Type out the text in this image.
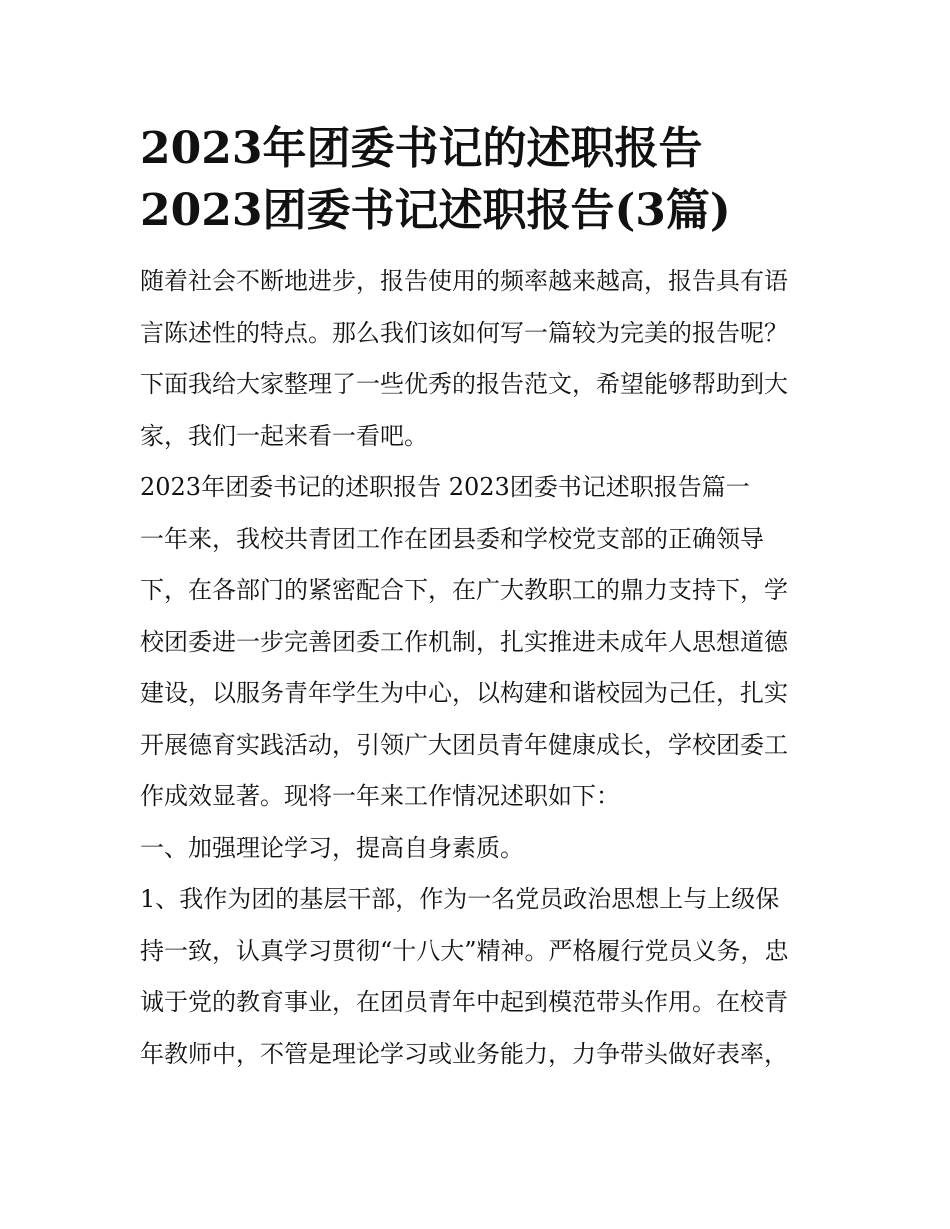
2023年团委书记的述职报告
2023团委书记述职报告(3篇)

随着社会不断地进步，报告使用的频率越来越高，报告具有语
言陈述性的特点。那么我们该如何写一篇较为完美的报告呢？
下面我给大家整理了一些优秀的报告范文，希望能够帮助到大
家，我们一起来看一看吧。

2023年团委书记的述职报告 2023团委书记述职报告篇一

一年来，我校共青团工作在团县委和学校党支部的正确领导
下，在各部门的紧密配合下，在广大教职工的鼎力支持下，学
校团委进一步完善团委工作机制，扎实推进未成年人思想道德
建设，以服务青年学生为中心，以构建和谐校园为己任，扎实
开展德育实践活动，引领广大团员青年健康成长，学校团委工
作成效显著。现将一年来工作情况述职如下：

一、加强理论学习，提高自身素质。

1、我作为团的基层干部，作为一名党员政治思想上与上级保
持一致，认真学习贯彻“十八大”精神。严格履行党员义务，忠
诚于党的教育事业，在团员青年中起到模范带头作用。在校青
年教师中，不管是理论学习或业务能力，力争带头做好表率，
